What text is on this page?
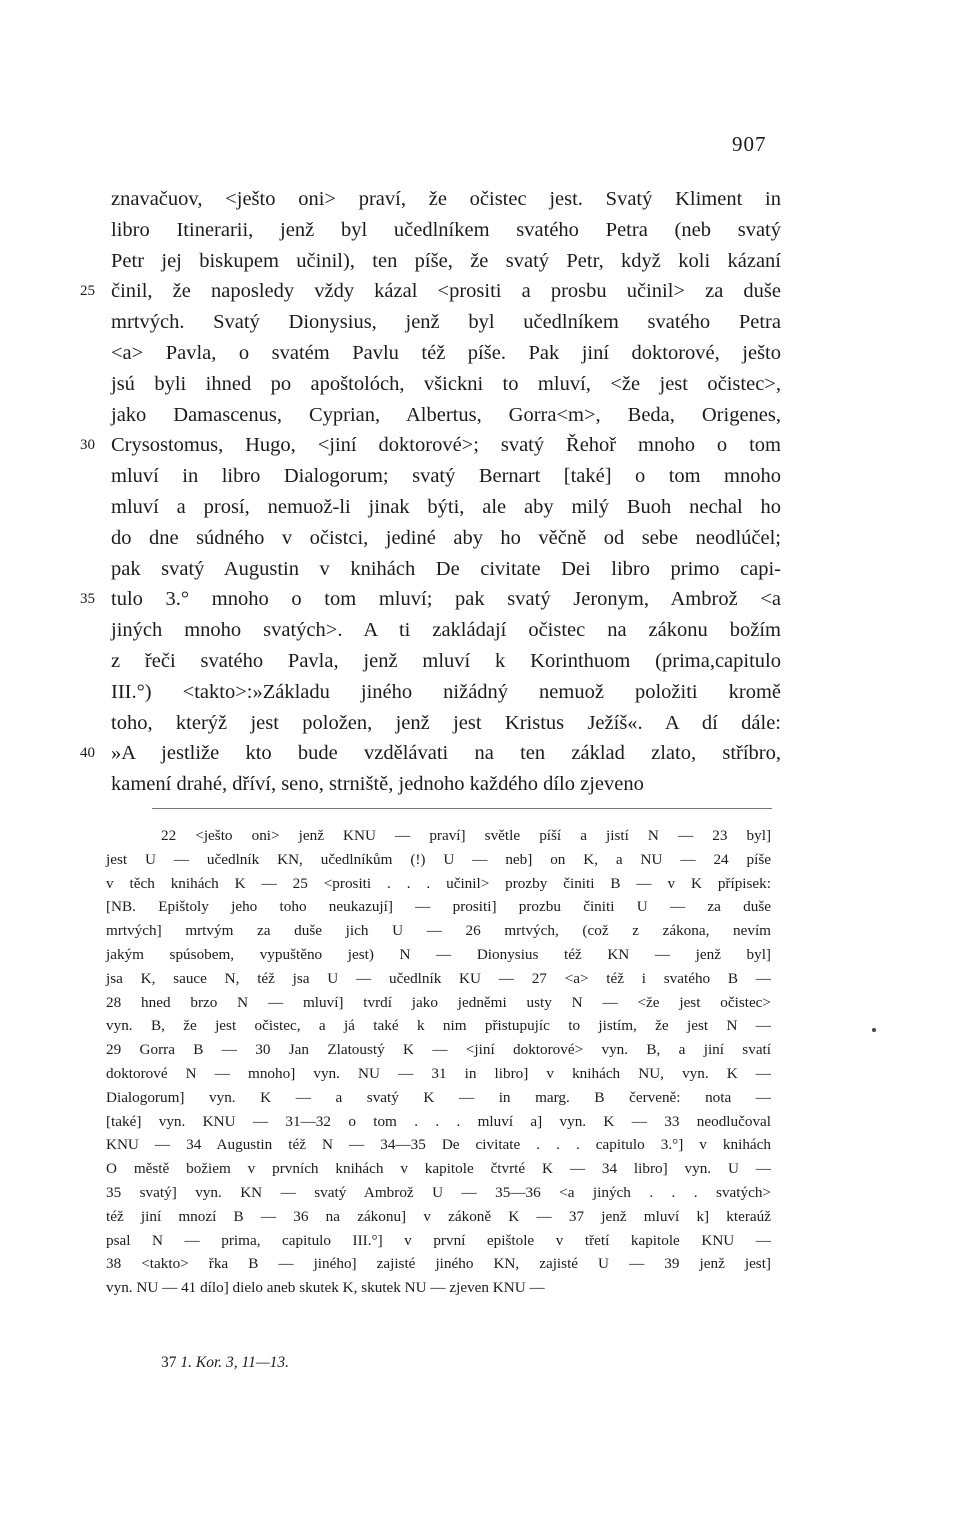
907
znavačuov, <ješto oni> praví, že očistec jest. Svatý Kliment in
libro Itinerarii, jenž byl učedlníkem svatého Petra (neb svatý
Petr jej biskupem učinil), ten píše, že svatý Petr, když koli kázaní
25 činil, že naposledy vždy kázal <prositi a prosbu učinil> za duše
mrtvých. Svatý Dionysius, jenž byl učedlníkem svatého Petra
<a> Pavla, o svatém Pavlu též píše. Pak jiní doktorové, ješto
jsú byli ihned po apoštolóch, všickni to mluví, <že jest očistec>,
jako Damascenus, Cyprian, Albertus, Gorra<m>, Beda, Origenes,
30 Crysostomus, Hugo, <jiní doktorové>; svatý Řehoř mnoho o tom
mluví in libro Dialogorum; svatý Bernart [také] o tom mnoho
mluví a prosí, nemuož-li jinak býti, ale aby milý Buoh nechal ho
do dne súdného v očistci, jediné aby ho věčně od sebe neodlúčel;
pak svatý Augustin v knihách De civitate Dei libro primo capi-
35 tulo 3.° mnoho o tom mluví; pak svatý Jeronym, Ambrož <a
jiných mnoho svatých>. A ti zakládají očistec na zákonu božím
z řeči svatého Pavla, jenž mluví k Korinthuom (prima,capitulo
III.°) <takto>:»Základu jiného nižádný nemuož položiti kromě
toho, kterýž jest položen, jenž jest Kristus Ježíš«. A dí dále:
40 »A jestliže kto bude vzdělávati na ten základ zlato, stříbro,
kamení drahé, dříví, seno, strniště, jednoho každého dílo zjeveno
22 <ješto oni> jenž KNU — praví] světle píší a jistí N — 23 byl]
jest U — učedlník KN, učedlníkům (!) U — neb] on K, a NU — 24 píše
v těch knihách K — 25 <prositi . . . učinil> prozby činiti B — v K přípisek:
[NB. Epištoly jeho toho neukazují] — prositi] prozbu činiti U — za duše
mrtvých] mrtvým za duše jich U — 26 mrtvých, (což z zákona, nevím
jakým spúsobem, vypuštěno jest) N — Dionysius též KN — jenž byl]
jsa K, sauce N, též jsa U — učedlník KU — 27 <a> též i svatého B —
28 hned brzo N — mluví] tvrdí jako jedněmi usty N — <že jest očistec>
vyn. B, že jest očistec, a já také k nim přistupujíc to jistím, že jest N —
29 Gorra B — 30 Jan Zlatoustý K — <jiní doktorové> vyn. B, a jiní svatí
doktorové N — mnoho] vyn. NU — 31 in libro] v knihách NU, vyn. K —
Dialogorum] vyn. K — a svatý K — in marg. B červeně: nota —
[také] vyn. KNU — 31—32 o tom . . . mluví a] vyn. K — 33 neodlučoval
KNU — 34 Augustin též N — 34—35 De civitate . . . capitulo 3.°] v knihách
O městě božiem v prvních knihách v kapitole čtvrté K — 34 libro] vyn. U —
35 svatý] vyn. KN — svatý Ambrož U — 35—36 <a jiných . . . svatých>
též jiní mnozí B — 36 na zákonu] v zákoně K — 37 jenž mluví k] kteraúž
psal N — prima, capitulo III.°] v první epištole v třetí kapitole KNU —
38 <takto> řka B — jiného] zajisté jiného KN, zajisté U — 39 jenž jest]
vyn. NU — 41 dílo] dielo aneb skutek K, skutek NU — zjeven KNU —
37 1. Kor. 3, 11—13.
